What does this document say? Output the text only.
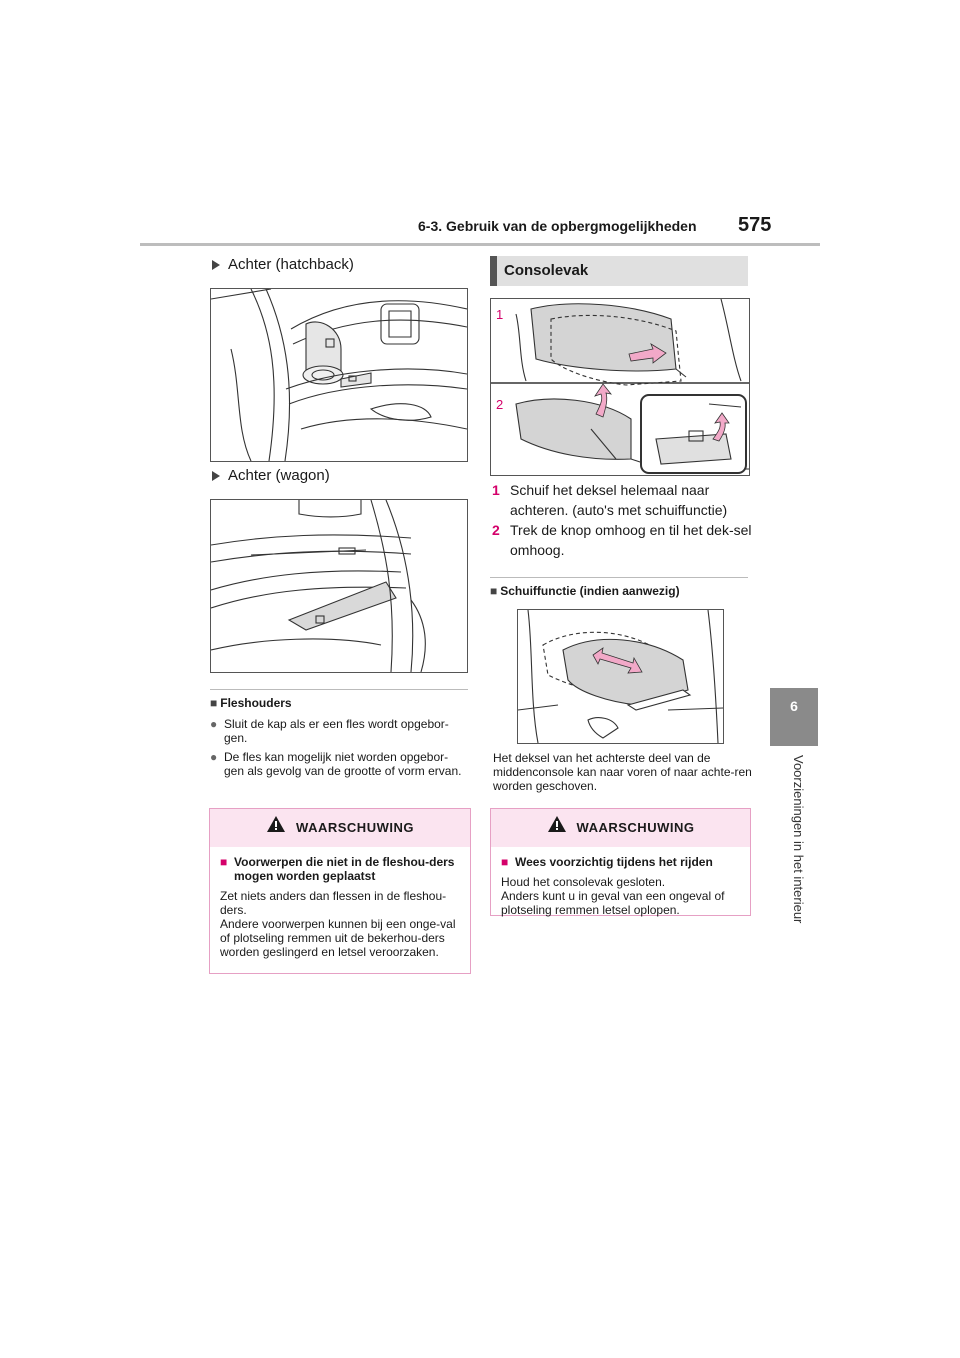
6-3. Gebruik van de opbergmogelijkheden 575
6
Voorzieningen in het interieur
Achter (hatchback)
Achter (wagon)
■ Fleshouders
● Sluit de kap als er een fles wordt opgebor-gen.
● De fles kan mogelijk niet worden opgebor-gen als gevolg van de grootte of vorm ervan.
WAARSCHUWING
■ Voorwerpen die niet in de fleshou-ders mogen worden geplaatst
Zet niets anders dan flessen in de fleshou-ders.
Andere voorwerpen kunnen bij een onge-val of plotseling remmen uit de bekerhou-ders worden geslingerd en letsel veroorzaken.
Consolevak
1
2
1 Schuif het deksel helemaal naar achteren. (auto's met schuiffunctie)
2 Trek de knop omhoog en til het dek-sel omhoog.
■ Schuiffunctie (indien aanwezig)
Het deksel van het achterste deel van de middenconsole kan naar voren of naar achte-ren worden geschoven.
WAARSCHUWING
■ Wees voorzichtig tijdens het rijden
Houd het consolevak gesloten.
Anders kunt u in geval van een ongeval of plotseling remmen letsel oplopen.
